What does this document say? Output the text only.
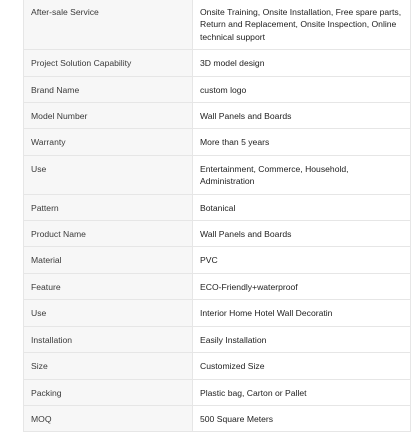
After-sale Service	Onsite Training, Onsite Installation, Free spare parts, Return and Replacement, Onsite Inspection, Online technical support
Project Solution Capability	3D model design
Brand Name	custom logo
Model Number	Wall Panels and Boards
Warranty	More than 5 years
Use	Entertainment, Commerce, Household, Administration
Pattern	Botanical
Product Name	Wall Panels and Boards
Material	PVC
Feature	ECO-Friendly+waterproof
Use	Interior Home Hotel Wall Decoratin
Installation	Easily Installation
Size	Customized Size
Packing	Plastic bag, Carton or Pallet
MOQ	500 Square Meters
